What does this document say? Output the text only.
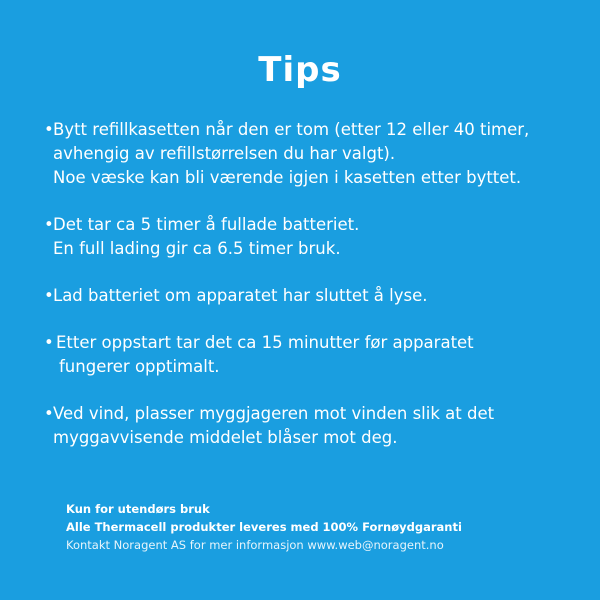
Tips
• Bytt refillkasetten når den er tom (etter 12 eller 40 timer,
avhengig av refillstørrelsen du har valgt).
Noe væske kan bli værende igjen i kasetten etter byttet.
• Det tar ca 5 timer å fullade batteriet.
En full lading gir ca 6.5 timer bruk.
• Lad batteriet om apparatet har sluttet å lyse.
• Etter oppstart tar det ca 15 minutter før apparatet
fungerer opptimalt.
• Ved vind, plasser myggjageren mot vinden slik at det
myggavvisende middelet blåser mot deg.
Kun for utendørs bruk
Alle Thermacell produkter leveres med 100% Fornøydgaranti
Kontakt Noragent AS for mer informasjon www.web@noragent.no
